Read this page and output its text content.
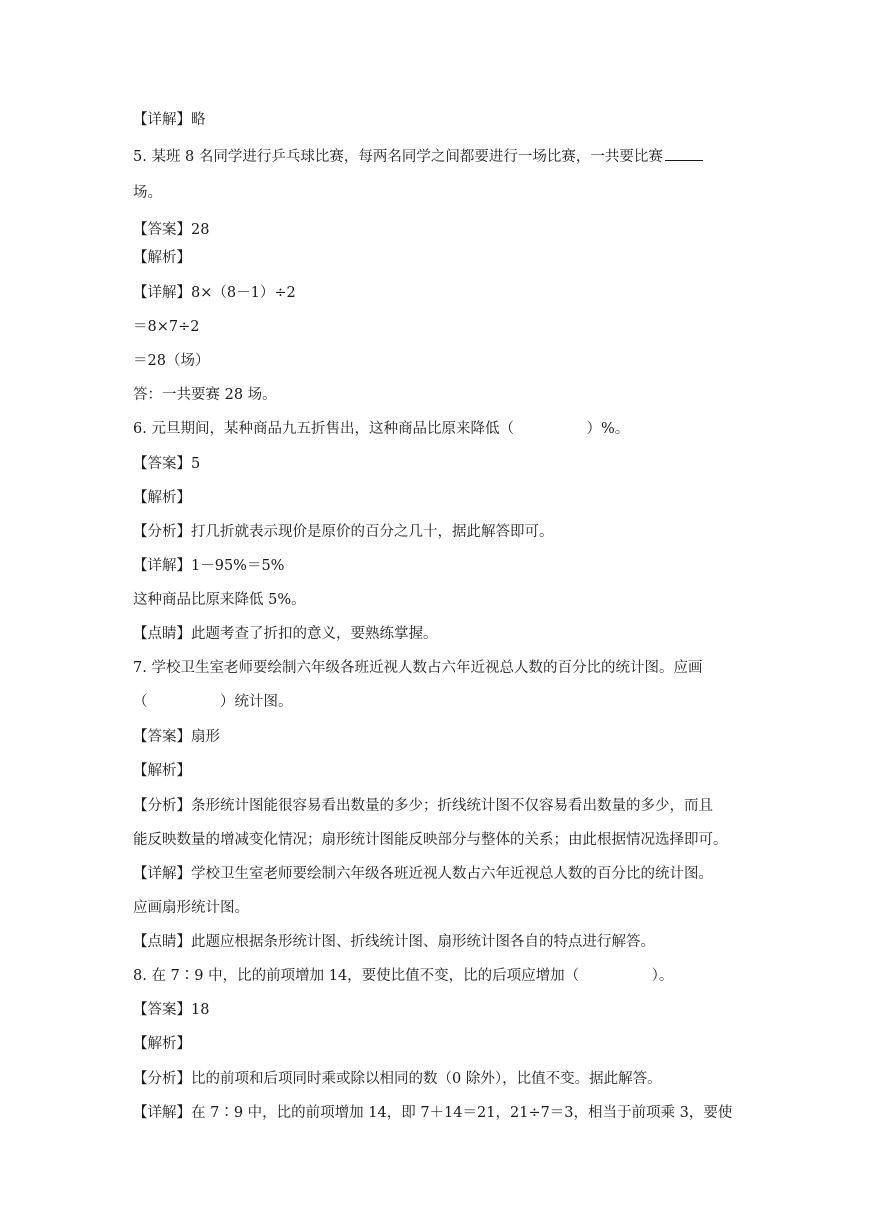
【详解】略
5. 某班 8 名同学进行乒乓球比赛，每两名同学之间都要进行一场比赛，一共要比赛
场。
【答案】28
【解析】
【详解】8×（8－1）÷2
＝8×7÷2
＝28（场）
答：一共要赛 28 场。
6. 元旦期间，某种商品九五折售出，这种商品比原来降低（　　　　　）%。
【答案】5
【解析】
【分析】打几折就表示现价是原价的百分之几十，据此解答即可。
【详解】1－95%＝5%
这种商品比原来降低 5%。
【点睛】此题考查了折扣的意义，要熟练掌握。
7. 学校卫生室老师要绘制六年级各班近视人数占六年近视总人数的百分比的统计图。应画
（　　　　　）统计图。
【答案】扇形
【解析】
【分析】条形统计图能很容易看出数量的多少；折线统计图不仅容易看出数量的多少，而且
能反映数量的增减变化情况；扇形统计图能反映部分与整体的关系；由此根据情况选择即可。
【详解】学校卫生室老师要绘制六年级各班近视人数占六年近视总人数的百分比的统计图。
应画扇形统计图。
【点睛】此题应根据条形统计图、折线统计图、扇形统计图各自的特点进行解答。
8. 在 7∶9 中，比的前项增加 14，要使比值不变，比的后项应增加（　　　　　）。
【答案】18
【解析】
【分析】比的前项和后项同时乘或除以相同的数（0 除外），比值不变。据此解答。
【详解】在 7∶9 中，比的前项增加 14，即 7＋14＝21，21÷7＝3，相当于前项乘 3，要使
